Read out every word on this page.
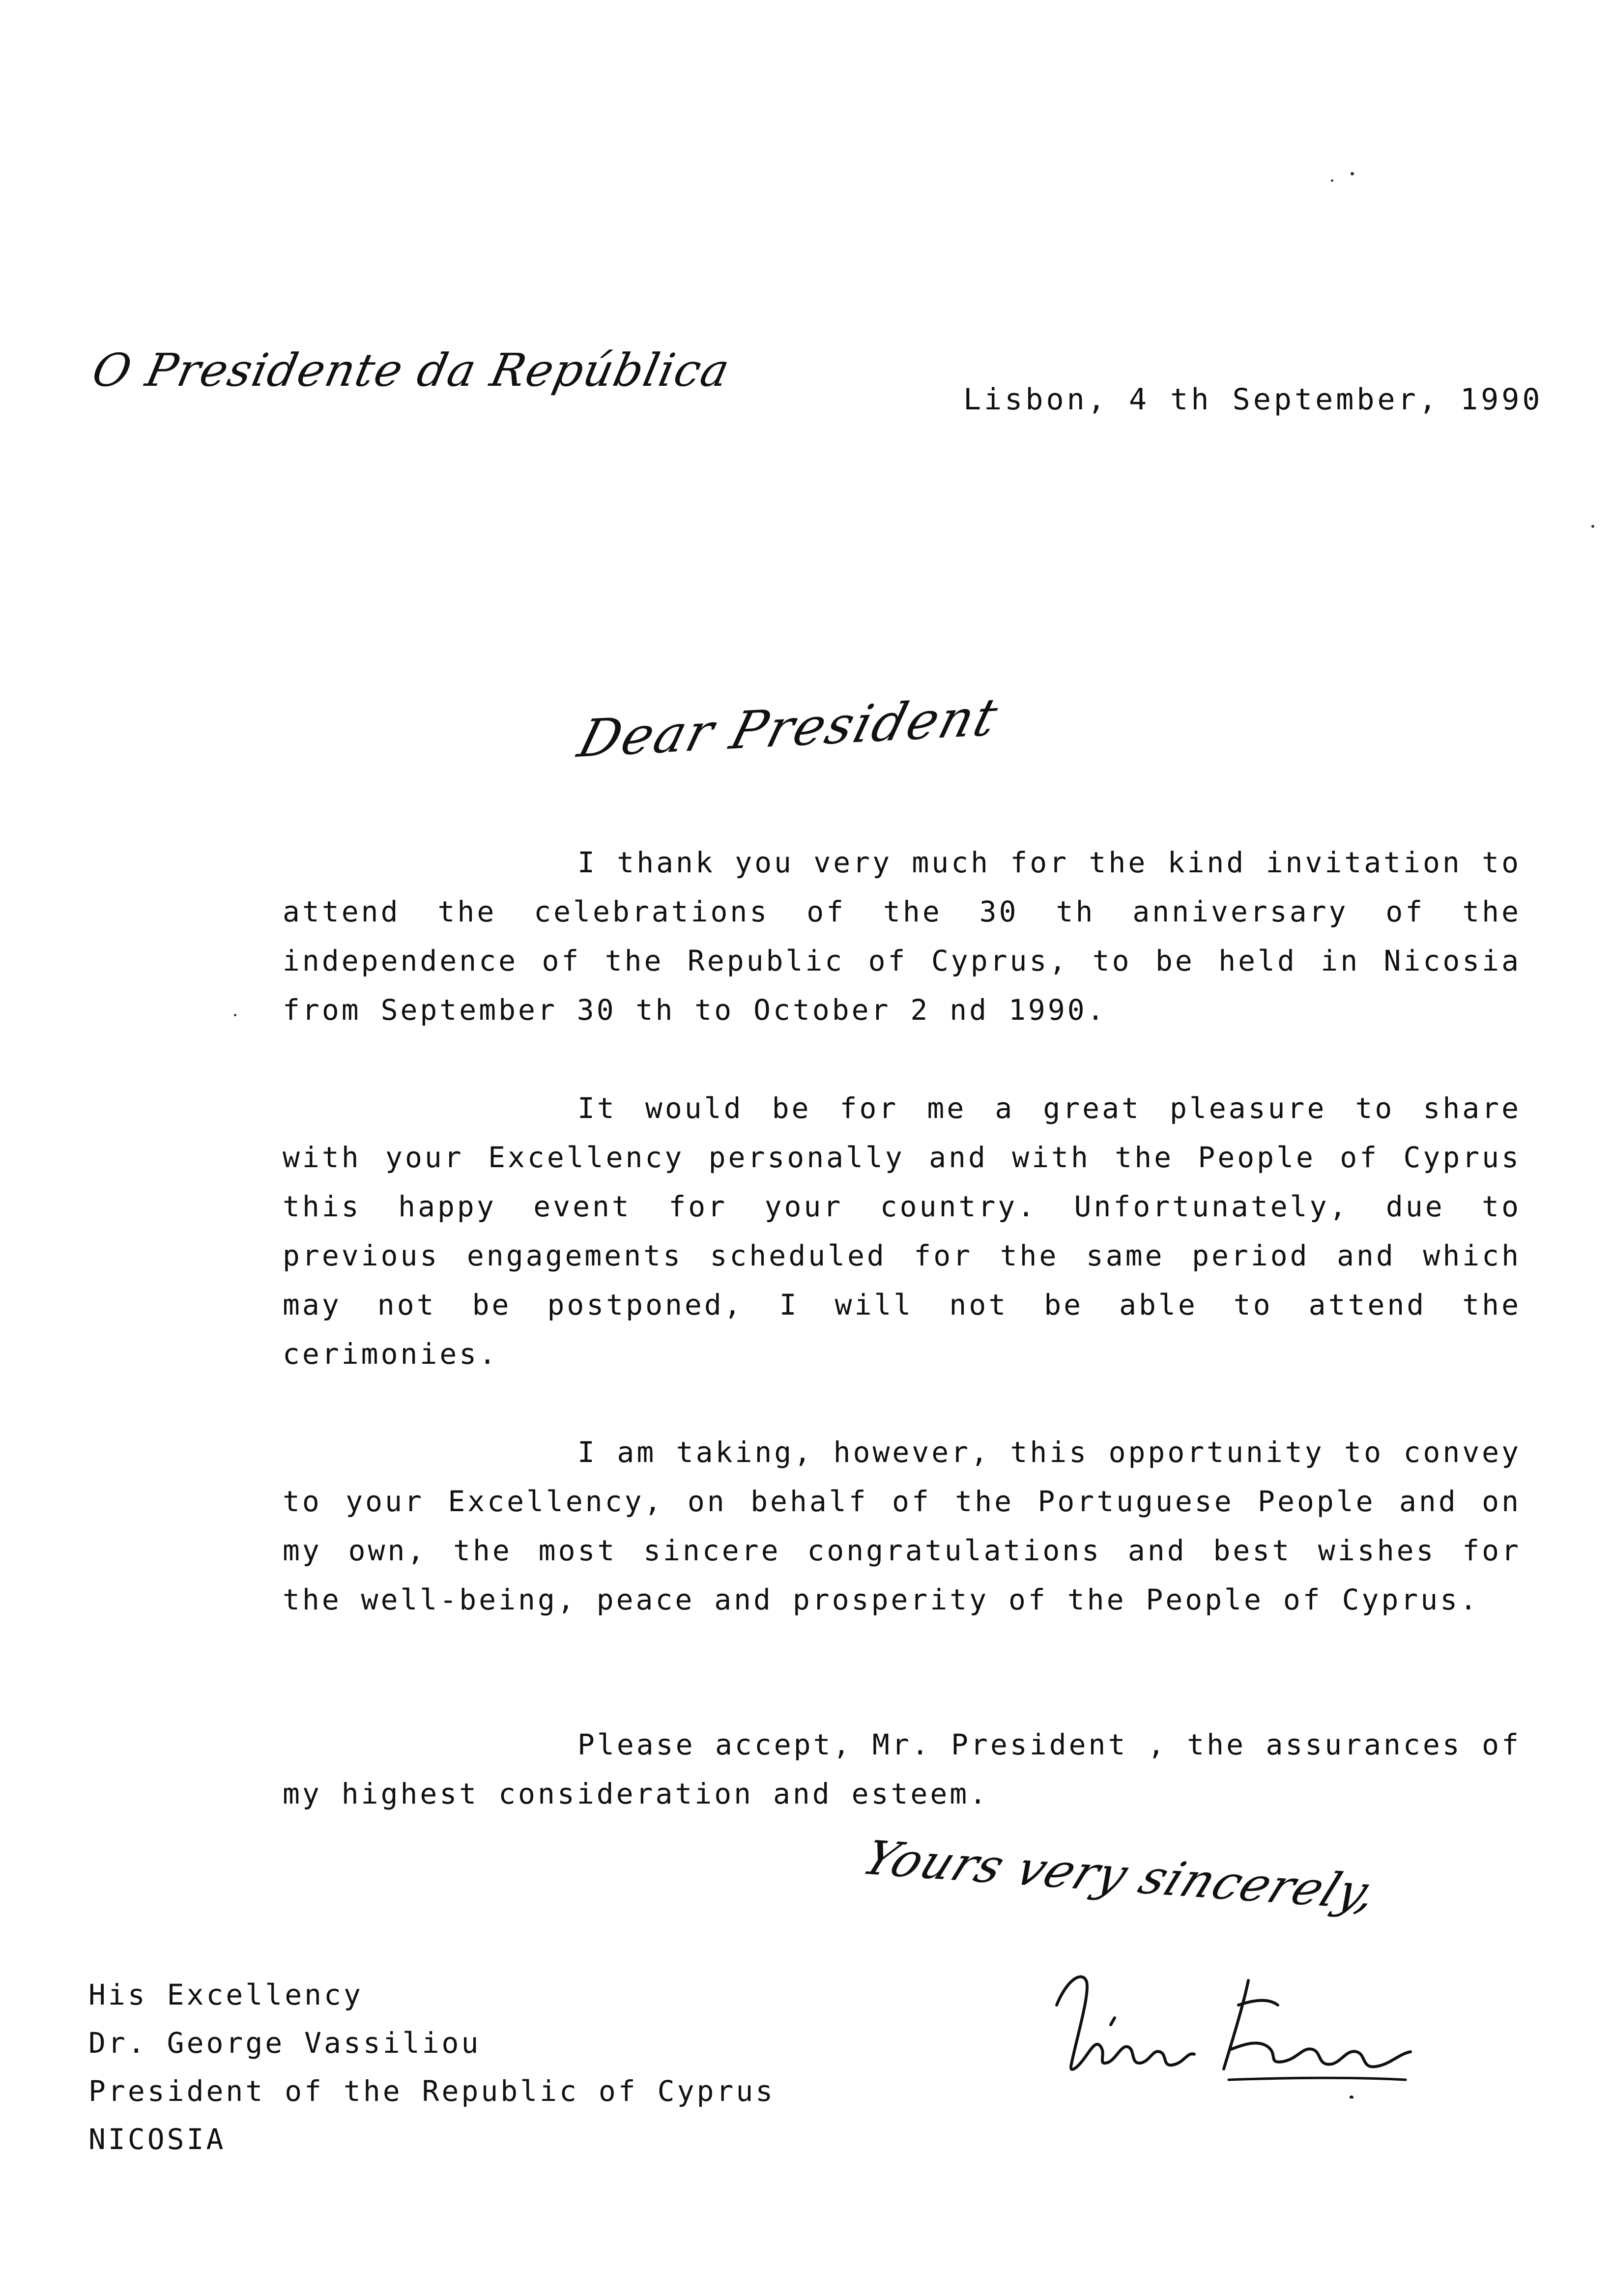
O Presidente da República
Lisbon, 4 th September, 1990
Dear President

I thank you very much for the kind invitation to attend the celebrations of the 30 th anniversary of the independence of the Republic of Cyprus, to be held in Nicosia from September 30 th to October 2 nd 1990.

It would be for me a great pleasure to share with your Excellency personally and with the People of Cyprus this happy event for your country. Unfortunately, due to previous engagements scheduled for the same period and which may not be postponed, I will not be able to attend the cerimonies.

I am taking, however, this opportunity to convey to your Excellency, on behalf of the Portuguese People and on my own, the most sincere congratulations and best wishes for the well-being, peace and prosperity of the People of Cyprus.

Please accept, Mr. President , the assurances of my highest consideration and esteem.

Yours very sincerely,
His Excellency
Dr. George Vassiliou
President of the Republic of Cyprus
NICOSIA
